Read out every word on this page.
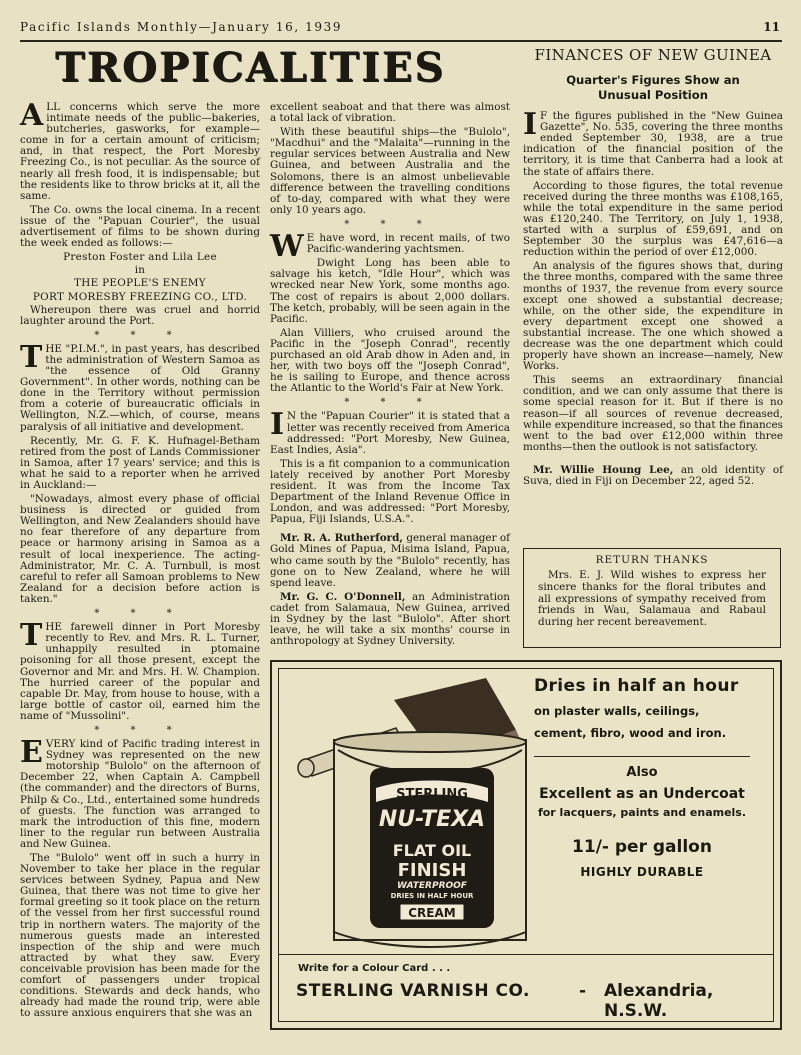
Pacific Islands Monthly—January 16, 1939	11
TROPICALITIES

ALL concerns which serve the more intimate needs of the public—bakeries, butcheries, gasworks, for example—come in for a certain amount of criticism; and, in that respect, the Port Moresby Freezing Co., is not peculiar. As the source of nearly all fresh food, it is indispensable; but the residents like to throw bricks at it, all the same.

The Co. owns the local cinema. In a recent issue of the "Papuan Courier", the usual advertisement of films to be shown during the week ended as follows:—

Preston Foster and Lila Lee

in

THE PEOPLE'S ENEMY

PORT MORESBY FREEZING CO., LTD.

Whereupon there was cruel and horrid laughter around the Port.

* * *

THE "P.I.M.", in past years, has described the administration of Western Samoa as "the essence of Old Granny Government". In other words, nothing can be done in the Territory without permission from a coterie of bureaucratic officials in Wellington, N.Z.—which, of course, means paralysis of all initiative and development.

Recently, Mr. G. F. K. Hufnagel-Betham retired from the post of Lands Commissioner in Samoa, after 17 years' service; and this is what he said to a reporter when he arrived in Auckland:—

"Nowadays, almost every phase of official business is directed or guided from Wellington, and New Zealanders should have no fear therefore of any departure from peace or harmony arising in Samoa as a result of local inexperience. The acting-Administrator, Mr. C. A. Turnbull, is most careful to refer all Samoan problems to New Zealand for a decision before action is taken."

* * *

THE farewell dinner in Port Moresby recently to Rev. and Mrs. R. L. Turner, unhappily resulted in ptomaine poisoning for all those present, except the Governor and Mr. and Mrs. H. W. Champion. The hurried career of the popular and capable Dr. May, from house to house, with a large bottle of castor oil, earned him the name of "Mussolini".

* * *

EVERY kind of Pacific trading interest in Sydney was represented on the new motorship "Bulolo" on the afternoon of December 22, when Captain A. Campbell (the commander) and the directors of Burns, Philp & Co., Ltd., entertained some hundreds of guests. The function was arranged to mark the introduction of this fine, modern liner to the regular run between Australia and New Guinea.

The "Bulolo" went off in such a hurry in November to take her place in the regular services between Sydney, Papua and New Guinea, that there was not time to give her formal greeting so it took place on the return of the vessel from her first successful round trip in northern waters. The majority of the numerous guests made an interested inspection of the ship and were much attracted by what they saw. Every conceivable provision has been made for the comfort of passengers under tropical conditions. Stewards and deck hands, who already had made the round trip, were able to assure anxious enquirers that she was an

excellent seaboat and that there was almost a total lack of vibration.

With these beautiful ships—the "Bulolo", "Macdhui" and the "Malaita"—running in the regular services between Australia and New Guinea, and between Australia and the Solomons, there is an almost unbelievable difference between the travelling conditions of to-day, compared with what they were only 10 years ago.

* * *

W E have word, in recent mails, of two Pacific-wandering yachtsmen.

Dwight Long has been able to salvage his ketch, "Idle Hour", which was wrecked near New York, some months ago. The cost of repairs is about 2,000 dollars. The ketch, probably, will be seen again in the Pacific.

Alan Villiers, who cruised around the Pacific in the "Joseph Conrad", recently purchased an old Arab dhow in Aden and, in her, with two boys off the "Joseph Conrad", he is sailing to Europe, and thence across the Atlantic to the World's Fair at New York.

* * *

I N the "Papuan Courier" it is stated that a letter was recently received from America addressed: "Port Moresby, New Guinea, East Indies, Asia".

This is a fit companion to a communication lately received by another Port Moresby resident. It was from the Income Tax Department of the Inland Revenue Office in London, and was addressed: "Port Moresby, Papua, Fiji Islands, U.S.A.".

Mr. R. A. Rutherford, general manager of Gold Mines of Papua, Misima Island, Papua, who came south by the "Bulolo" recently, has gone on to New Zealand, where he will spend leave.

Mr. G. C. O'Donnell, an Administration cadet from Salamaua, New Guinea, arrived in Sydney by the last "Bulolo". After short leave, he will take a six months' course in anthropology at Sydney University.

FINANCES OF NEW GUINEA
Quarter's Figures Show an
Unusual Position

I F the figures published in the "New Guinea Gazette", No. 535, covering the three months ended September 30, 1938, are a true indication of the financial position of the territory, it is time that Canberra had a look at the state of affairs there.

According to those figures, the total revenue received during the three months was £108,165, while the total expenditure in the same period was £120,240. The Territory, on July 1, 1938, started with a surplus of £59,691, and on September 30 the surplus was £47,616—a reduction within the period of over £12,000.

An analysis of the figures shows that, during the three months, compared with the same three months of 1937, the revenue from every source except one showed a substantial decrease; while, on the other side, the expenditure in every department except one showed a substantial increase. The one which showed a decrease was the one department which could properly have shown an increase—namely, New Works.

This seems an extraordinary financial condition, and we can only assume that there is some special reason for it. But if there is no reason—if all sources of revenue decreased, while expenditure increased, so that the finances went to the bad over £12,000 within three months—then the outlook is not satisfactory.

Mr. Willie Houng Lee, an old identity of Suva, died in Fiji on December 22, aged 52.

RETURN THANKS

Mrs. E. J. Wild wishes to express her sincere thanks for the floral tributes and all expressions of sympathy received from friends in Wau, Salamaua and Rabaul during her recent bereavement.

STERLING
NU-TEXA
FLAT OIL
FINISH
WATERPROOF
DRIES IN HALF HOUR
CREAM
Dries in half an hour
on plaster walls, ceilings, cement, fibro, wood and iron.
Also
Excellent as an Undercoat
for lacquers, paints and enamels.
11/- per gallon
HIGHLY DURABLE
Write for a Colour Card . . .
STERLING VARNISH CO.	- Alexandria, N.S.W.
